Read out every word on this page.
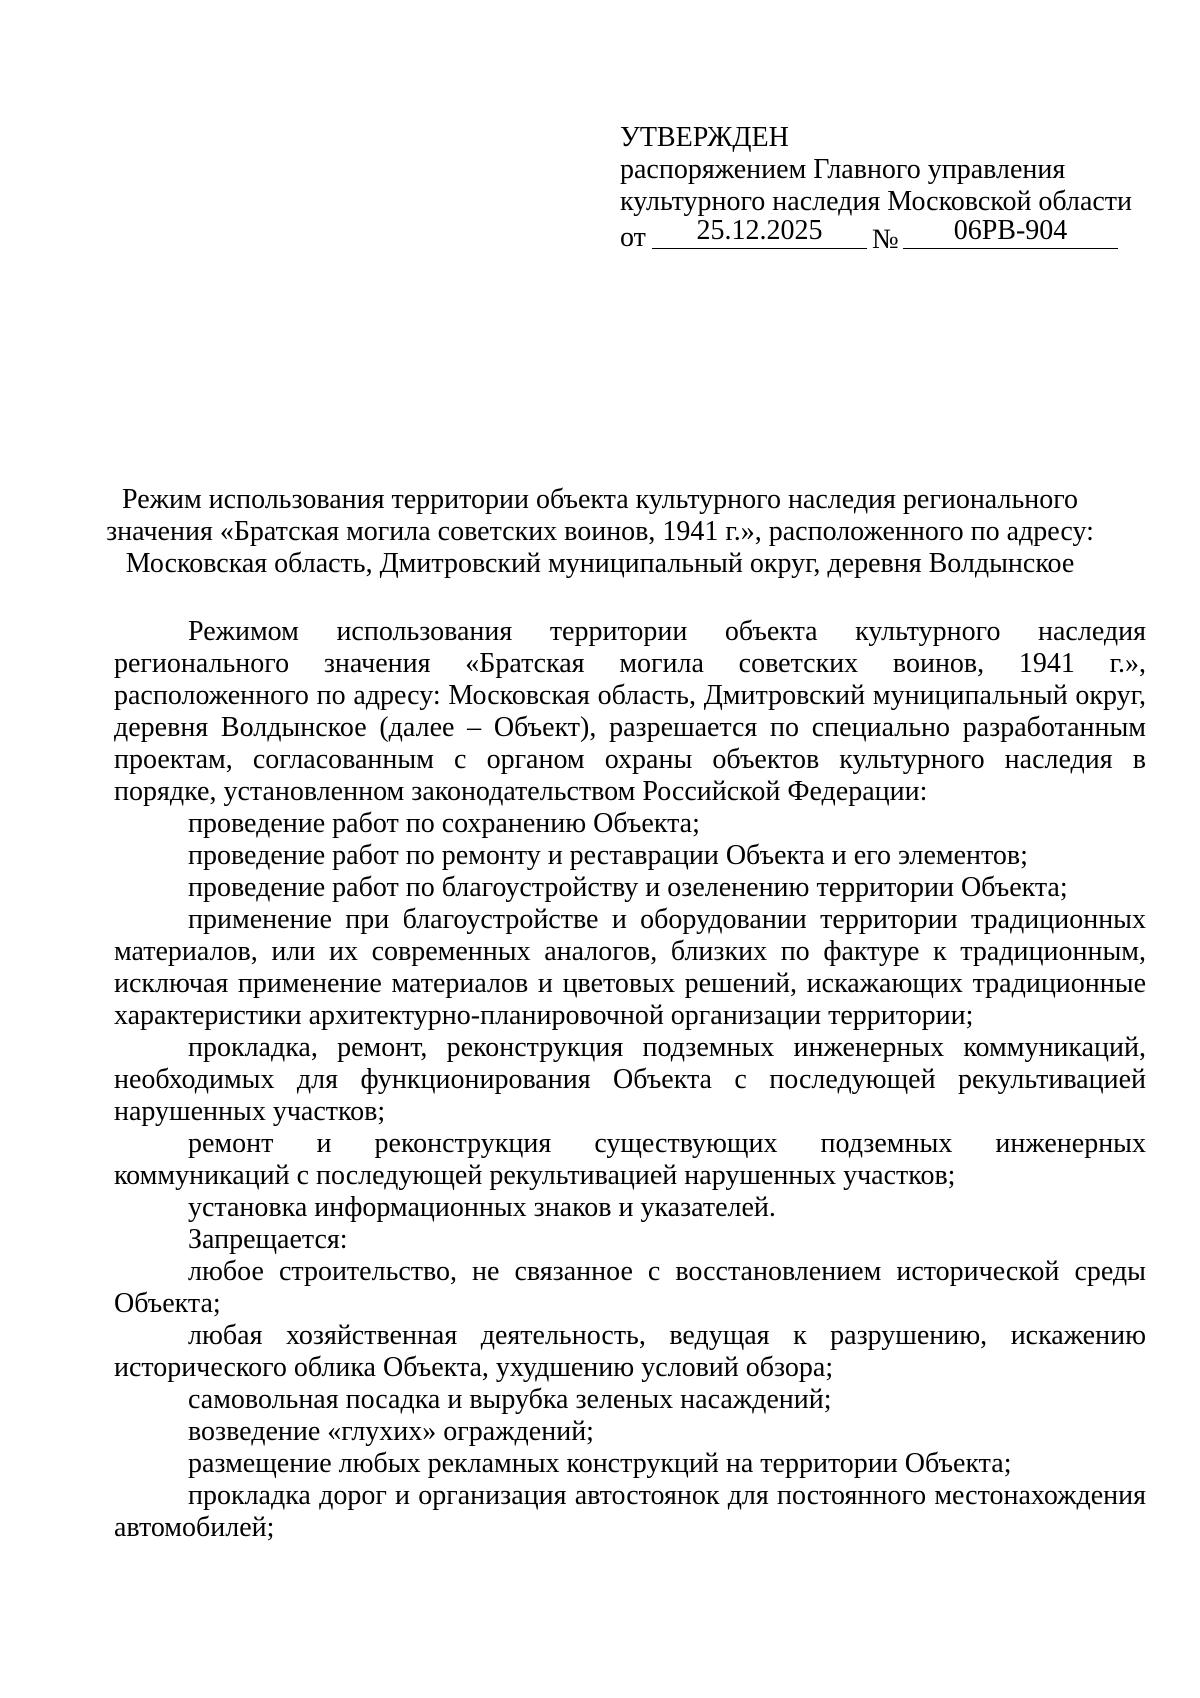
УТВЕРЖДЕН
распоряжением Главного управления
культурного наследия Московской области
от	25.12.2025	№	06РВ-904
Режим использования территории объекта культурного наследия регионального
значения «Братская могила советских воинов, 1941 г.», расположенного по адресу:
Московская область, Дмитровский муниципальный округ, деревня Волдынское

Режимом использования территории объекта культурного наследия регионального значения «Братская могила советских воинов, 1941 г.», расположенного по адресу: Московская область, Дмитровский муниципальный округ, деревня Волдынское (далее – Объект), разрешается по специально разработанным проектам, согласованным с органом охраны объектов культурного наследия в порядке, установленном законодательством Российской Федерации:

проведение работ по сохранению Объекта;

проведение работ по ремонту и реставрации Объекта и его элементов;

проведение работ по благоустройству и озеленению территории Объекта;

применение при благоустройстве и оборудовании территории традиционных материалов, или их современных аналогов, близких по фактуре к традиционным, исключая применение материалов и цветовых решений, искажающих традиционные характеристики архитектурно-планировочной организации территории;

прокладка, ремонт, реконструкция подземных инженерных коммуникаций, необходимых для функционирования Объекта с последующей рекультивацией нарушенных участков;

ремонт и реконструкция существующих подземных инженерных коммуникаций с последующей рекультивацией нарушенных участков;

установка информационных знаков и указателей.

Запрещается:

любое строительство, не связанное с восстановлением исторической среды Объекта;

любая хозяйственная деятельность, ведущая к разрушению, искажению исторического облика Объекта, ухудшению условий обзора;

самовольная посадка и вырубка зеленых насаждений;

возведение «глухих» ограждений;

размещение любых рекламных конструкций на территории Объекта;

прокладка дорог и организация автостоянок для постоянного местонахождения автомобилей;
